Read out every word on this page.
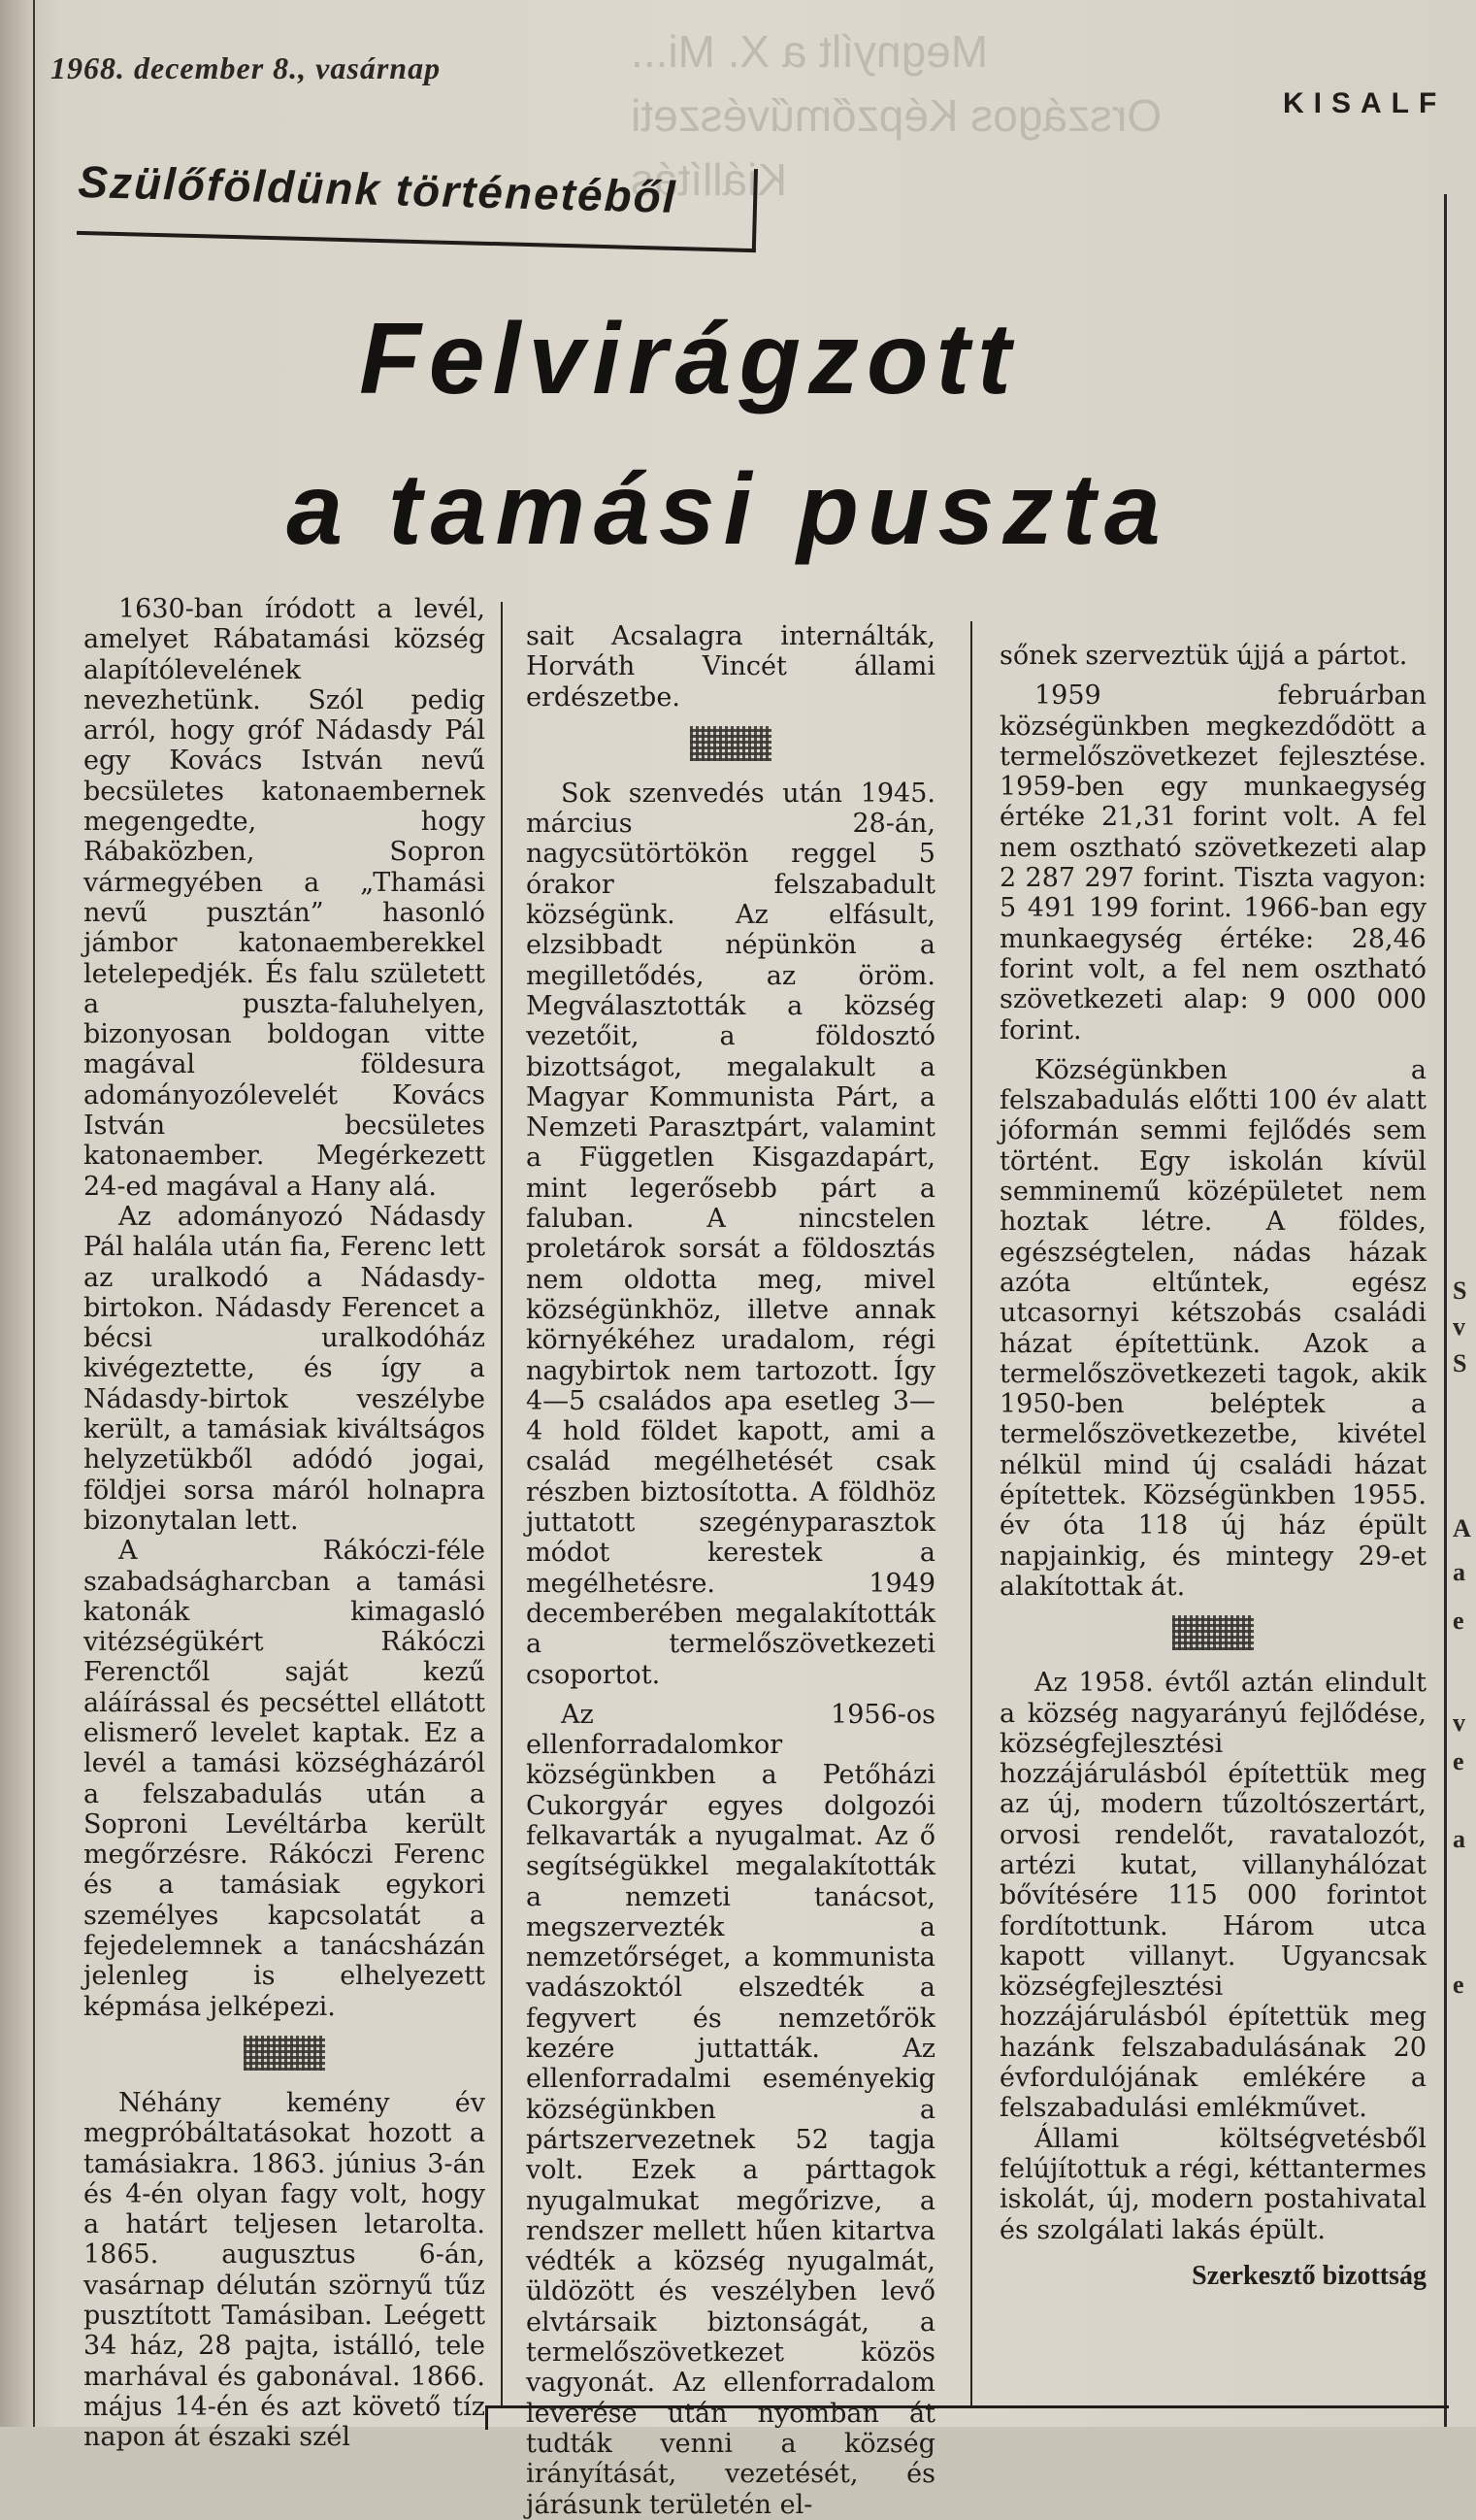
Megnyílt a X. Mi...
Országos Képzőművészeti
Kiállítás
1968. december 8., vasárnap
KISALF
Szülőföldünk történetéből
Felvirágzott
a tamási puszta
S
v
S
A
a
e
v
e
a
e

1630-ban íródott a levél, amelyet Rábatamási község alapítólevelének nevezhetünk. Szól pedig arról, hogy gróf Nádasdy Pál egy Kovács István nevű becsületes katonaembernek megengedte, hogy Rábaközben, Sopron vármegyében a „Thamási nevű pusztán” hasonló jámbor katonaemberekkel letelepedjék. És falu született a puszta-faluhelyen, bizonyosan boldogan vitte magával földesura adományozólevelét Kovács István becsületes katonaember. Megérkezett 24-ed magával a Hany alá.

Az adományozó Nádasdy Pál halála után fia, Ferenc lett az uralkodó a Nádasdy-birtokon. Nádasdy Ferencet a bécsi uralkodóház kivégeztette, és így a Nádasdy-birtok veszélybe került, a tamásiak kiváltságos helyzetükből adódó jogai, földjei sorsa máról holnapra bizonytalan lett.

A Rákóczi-féle szabadságharcban a tamási katonák kimagasló vitézségükért Rákóczi Ferenctől saját kezű aláírással és pecséttel ellátott elismerő levelet kaptak. Ez a levél a tamási községházáról a felszabadulás után a Soproni Levéltárba került megőrzésre. Rákóczi Ferenc és a tamásiak egykori személyes kapcsolatát a fejedelemnek a tanácsházán jelenleg is elhelyezett képmása jelképezi.

Néhány kemény év megpróbáltatásokat hozott a tamásiakra. 1863. június 3-án és 4-én olyan fagy volt, hogy a határt teljesen letarolta. 1865. augusztus 6-án, vasárnap délután szörnyű tűz pusztított Tamásiban. Leégett 34 ház, 28 pajta, istálló, tele marhával és gabonával. 1866. május 14-én és azt követő tíz napon át északi szél

sait Acsalagra internálták, Horváth Vincét állami erdészetbe.

Sok szenvedés után 1945. március 28-án, nagycsütörtökön reggel 5 órakor felszabadult községünk. Az elfásult, elzsibbadt népünkön a megilletődés, az öröm. Megválasztották a község vezetőit, a földosztó bizottságot, megalakult a Magyar Kommunista Párt, a Nemzeti Parasztpárt, valamint a Független Kisgazdapárt, mint legerősebb párt a faluban. A nincstelen proletárok sorsát a földosztás nem oldotta meg, mivel községünkhöz, illetve annak környékéhez uradalom, régi nagybirtok nem tartozott. Így 4—5 családos apa esetleg 3—4 hold földet kapott, ami a család megélhetését csak részben biztosította. A földhöz juttatott szegényparasztok módot kerestek a megélhetésre. 1949 decemberében megalakították a termelőszövetkezeti csoportot.

Az 1956-os ellenforradalomkor községünkben a Petőházi Cukorgyár egyes dolgozói felkavarták a nyugalmat. Az ő segítségükkel megalakították a nemzeti tanácsot, megszervezték a nemzetőrséget, a kommunista vadászoktól elszedték a fegyvert és nemzetőrök kezére juttatták. Az ellenforradalmi eseményekig községünkben a pártszervezetnek 52 tagja volt. Ezek a párttagok nyugalmukat megőrizve, a rendszer mellett hűen kitartva védték a község nyugalmát, üldözött és veszélyben levő elvtársaik biztonságát, a termelőszövetkezet közös vagyonát. Az ellenforradalom leverése után nyomban át tudták venni a község irányítását, vezetését, és járásunk területén el-

sőnek szerveztük újjá a pártot.

1959 februárban községünkben megkezdődött a termelőszövetkezet fejlesztése. 1959-ben egy munkaegység értéke 21,31 forint volt. A fel nem osztható szövetkezeti alap 2 287 297 forint. Tiszta vagyon: 5 491 199 forint. 1966-ban egy munkaegység értéke: 28,46 forint volt, a fel nem osztható szövetkezeti alap: 9 000 000 forint.

Községünkben a felszabadulás előtti 100 év alatt jóformán semmi fejlődés sem történt. Egy iskolán kívül semminemű középületet nem hoztak létre. A földes, egészségtelen, nádas házak azóta eltűntek, egész utcasornyi kétszobás családi házat építettünk. Azok a termelőszövetkezeti tagok, akik 1950-ben beléptek a termelőszövetkezetbe, kivétel nélkül mind új családi házat építettek. Községünkben 1955. év óta 118 új ház épült napjainkig, és mintegy 29-et alakítottak át.

Az 1958. évtől aztán elindult a község nagyarányú fejlődése, községfejlesztési hozzájárulásból építettük meg az új, modern tűzoltószertárt, orvosi rendelőt, ravatalozót, artézi kutat, villanyhálózat bővítésére 115 000 forintot fordítottunk. Három utca kapott villanyt. Ugyancsak községfejlesztési hozzájárulásból építettük meg hazánk felszabadulásának 20 évfordulójának emlékére a felszabadulási emlékművet.

Állami költségvetésből felújítottuk a régi, kéttantermes iskolát, új, modern postahivatal és szolgálati lakás épült.

Szerkesztő bizottság
